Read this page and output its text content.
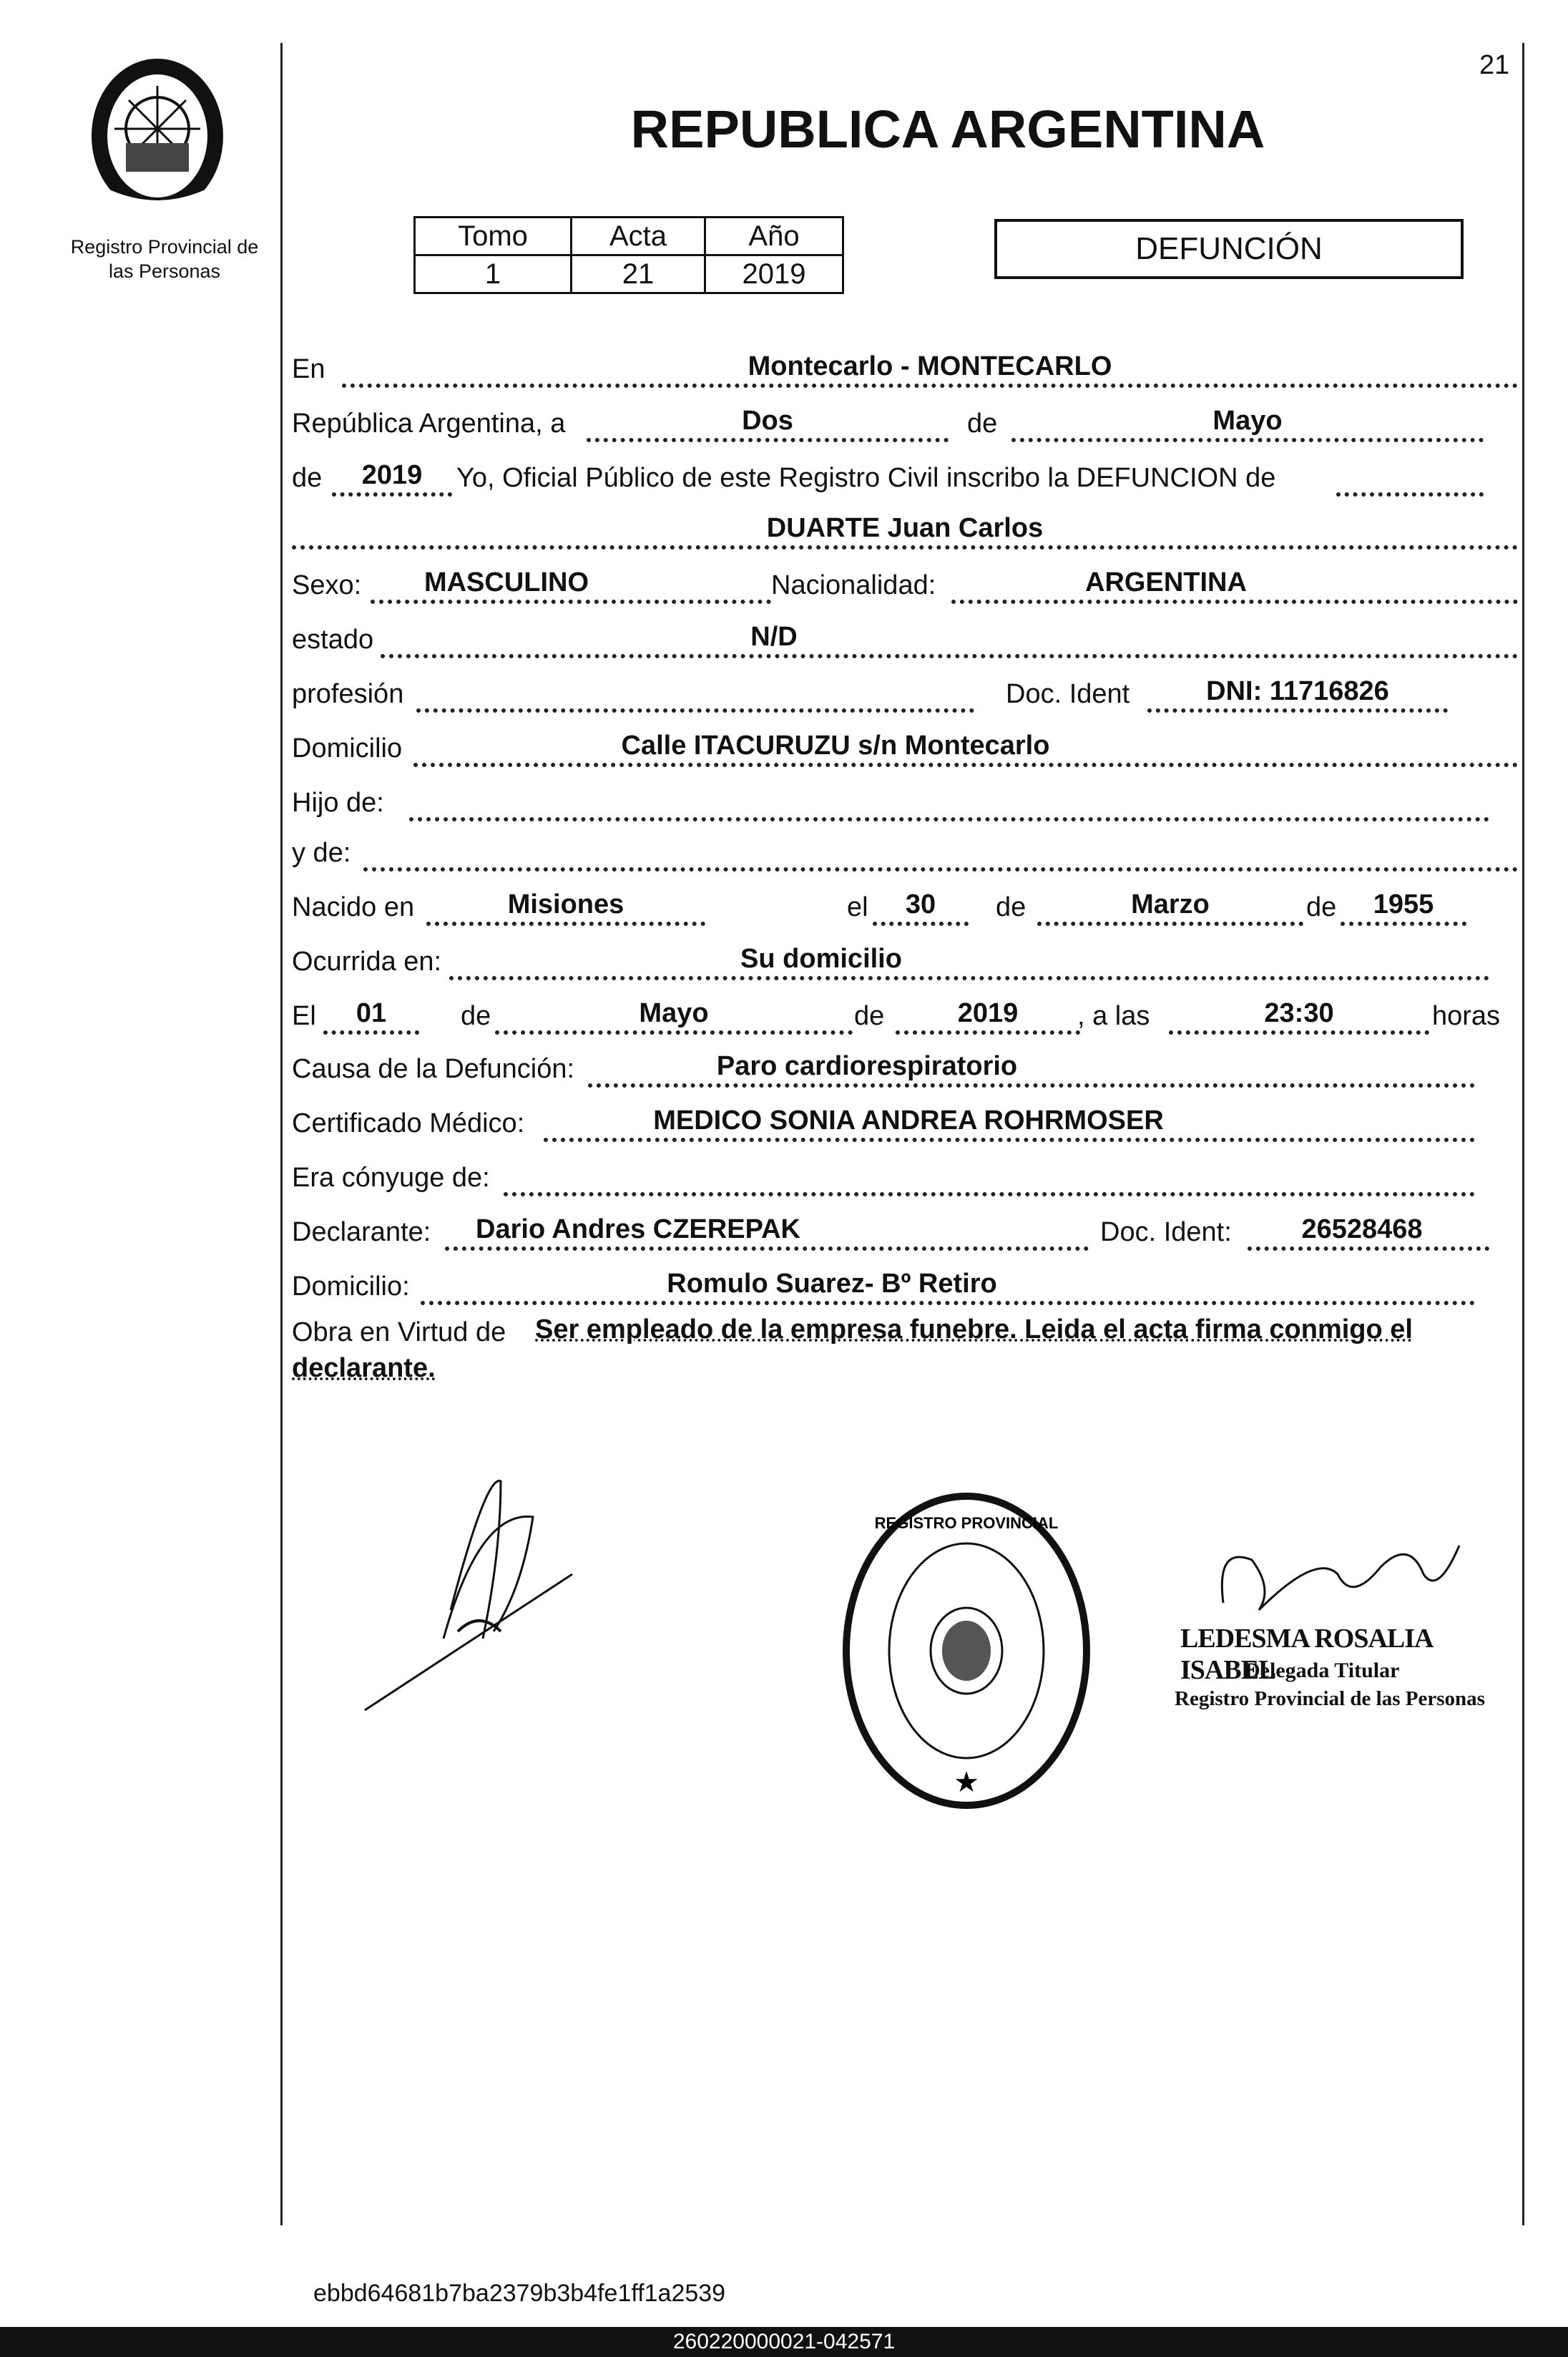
21
Registro Provincial de
las Personas
REPUBLICA ARGENTINA
Tomo	Acta	Año
1	21	2019
DEFUNCIÓN
En	Montecarlo - MONTECARLO
República Argentina, a	Dos	de	Mayo
de	2019	Yo, Oficial Público de este Registro Civil inscribo la DEFUNCION de
DUARTE Juan Carlos
Sexo:	MASCULINO	Nacionalidad:	ARGENTINA
estado	N/D
profesión	Doc. Ident	DNI: 11716826
Domicilio	Calle ITACURUZU s/n Montecarlo
Hijo de:
y de:
Nacido en	Misiones	el	30	de	Marzo	de	1955
Ocurrida en:	Su domicilio
El	01	de	Mayo	de	2019	, a las	23:30	horas
Causa de la Defunción:	Paro cardiorespiratorio
Certificado Médico:	MEDICO SONIA ANDREA ROHRMOSER
Era cónyuge de:
Declarante:	Dario Andres CZEREPAK	Doc. Ident:	26528468
Domicilio:	Romulo Suarez- Bº Retiro
Obra en Virtud de Ser empleado de la empresa funebre. Leida el acta firma conmigo el
declarante.
REGISTRO PROVINCIAL
★
LEDESMA ROSALIA ISABEL
Delegada Titular
Registro Provincial de las Personas
ebbd64681b7ba2379b3b4fe1ff1a2539
260220000021-042571
